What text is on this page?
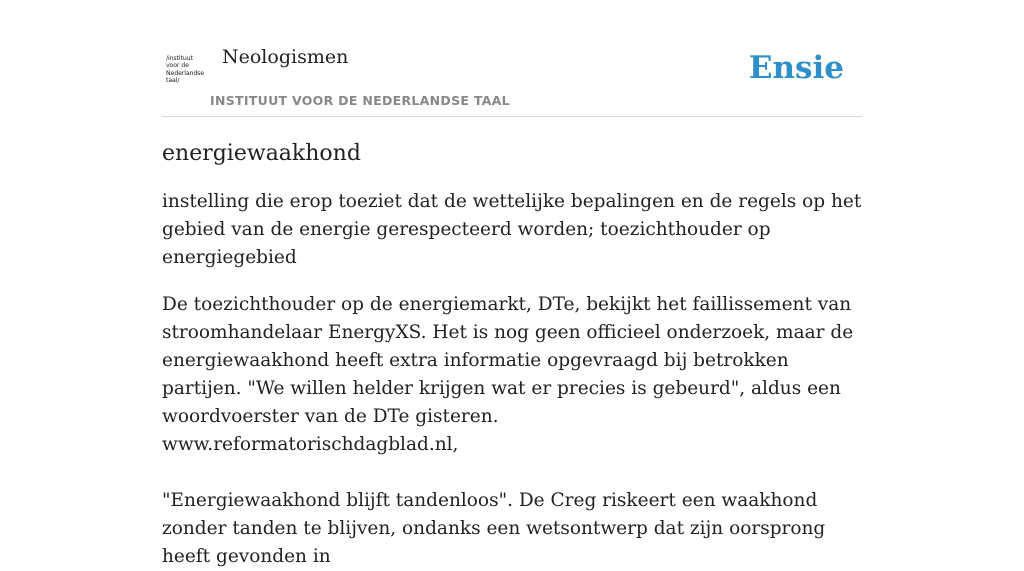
/instituut
voor de
Nederlandse
taal/
Neologismen
INSTITUUT VOOR DE NEDERLANDSE TAAL
Ensie
energiewaakhond

instelling die erop toeziet dat de wettelijke bepalingen en de regels op het gebied van de energie gerespecteerd worden; toezichthouder op energiegebied

De toezichthouder op de energiemarkt, DTe, bekijkt het faillissement van stroomhandelaar EnergyXS. Het is nog geen officieel onderzoek, maar de energiewaakhond heeft extra informatie opgevraagd bij betrokken partijen. "We willen helder krijgen wat er precies is gebeurd", aldus een woordvoerster van de DTe gisteren.
www.reformatorischdagblad.nl,
"Energiewaakhond blijft tandenloos". De Creg riskeert een waakhond zonder tanden te blijven, ondanks een wetsontwerp dat zijn oorsprong heeft gevonden in
